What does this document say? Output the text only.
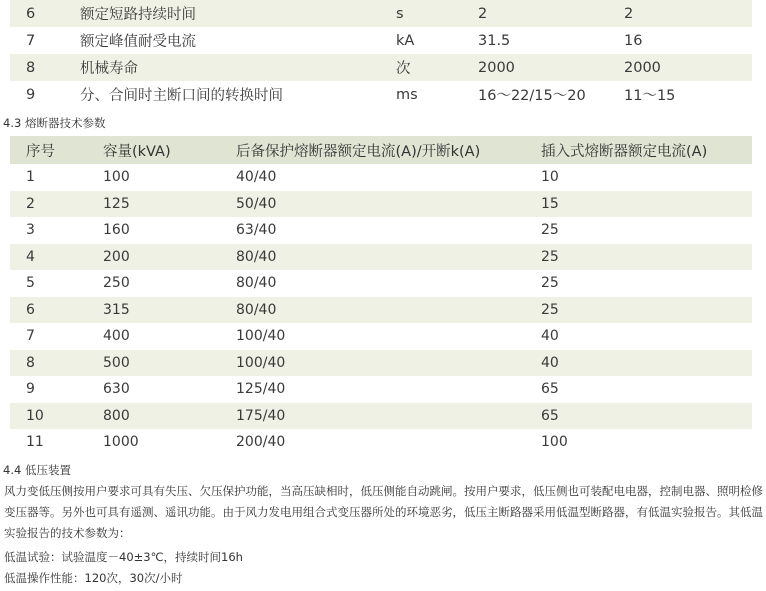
6	额定短路持续时间	s	2	2
7	额定峰值耐受电流	kA	31.5	16
8	机械寿命	次	2000	2000
9	分、合间时主断口间的转换时间	ms	16～22/15～20	11～15
4.3 熔断器技术参数
序号	容量(kVA)	后备保护熔断器额定电流(A)/开断k(A)	插入式熔断器额定电流(A)
1	100	40/40	10
2	125	50/40	15
3	160	63/40	25
4	200	80/40	25
5	250	80/40	25
6	315	80/40	25
7	400	100/40	40
8	500	100/40	40
9	630	125/40	65
10	800	175/40	65
11	1000	200/40	100
4.4 低压装置
风力变低压侧按用户要求可具有失压、欠压保护功能，当高压缺相时，低压侧能自动跳闸。按用户要求，低压侧也可装配电电器，控制电器、照明检修变压器等。另外也可具有遥测、遥讯功能。由于风力发电用组合式变压器所处的环境恶劣，低压主断路器采用低温型断路器，有低温实验报告。其低温实验报告的技术参数为：
低温试验：试验温度－40±3℃，持续时间16h
低温操作性能：120次，30次/小时
